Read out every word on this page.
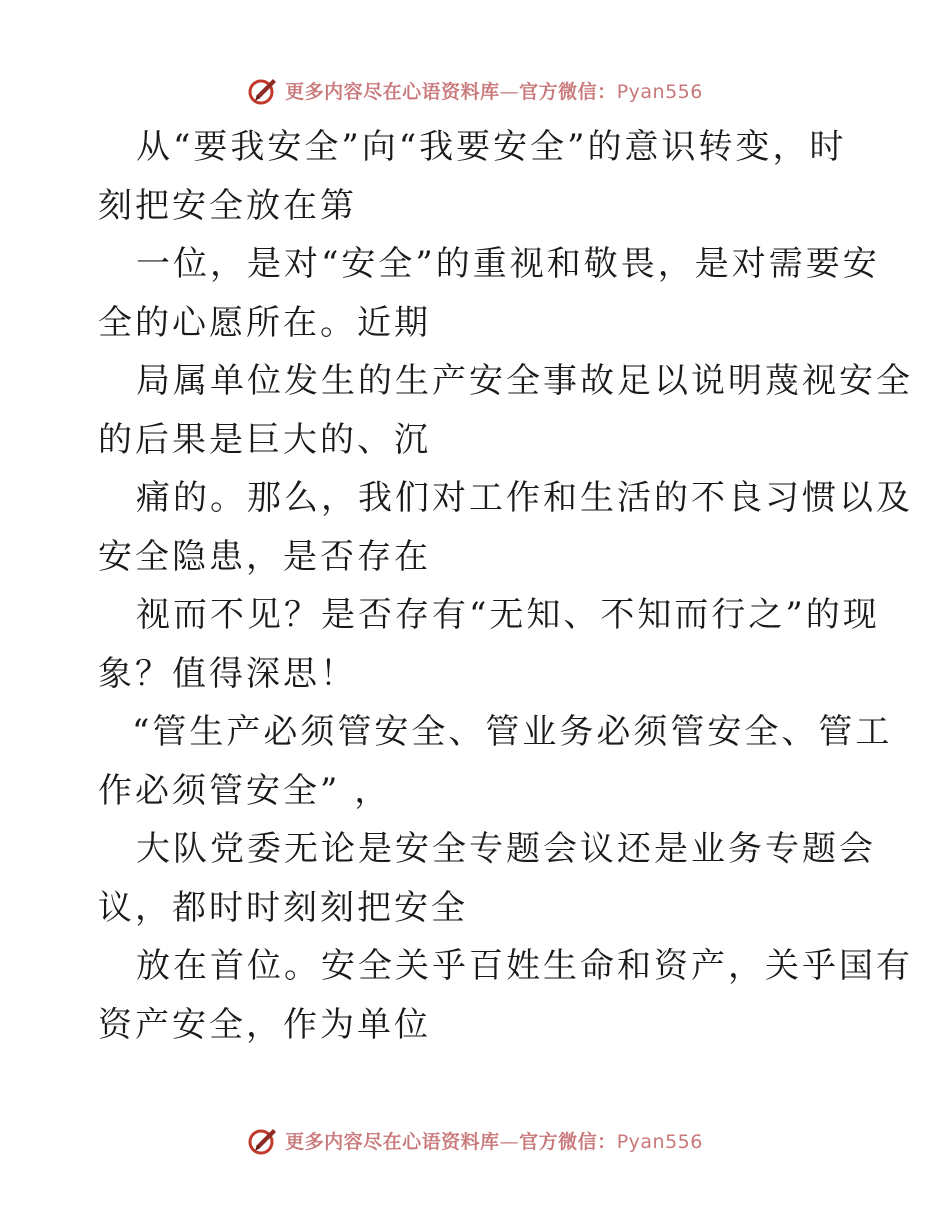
更多内容尽在心语资料库—官方微信：Pyan556
从“要我安全”向“我要安全”的意识转变，时
刻把安全放在第
一位，是对“安全”的重视和敬畏，是对需要安
全的心愿所在。近期
局属单位发生的生产安全事故足以说明蔑视安全
的后果是巨大的、沉
痛的。那么，我们对工作和生活的不良习惯以及
安全隐患，是否存在
视而不见？是否存有“无知、不知而行之”的现
象？值得深思！
“管生产必须管安全、管业务必须管安全、管工
作必须管安全” ，
大队党委无论是安全专题会议还是业务专题会
议，都时时刻刻把安全
放在首位。安全关乎百姓生命和资产，关乎国有
资产安全，作为单位
更多内容尽在心语资料库—官方微信：Pyan556
